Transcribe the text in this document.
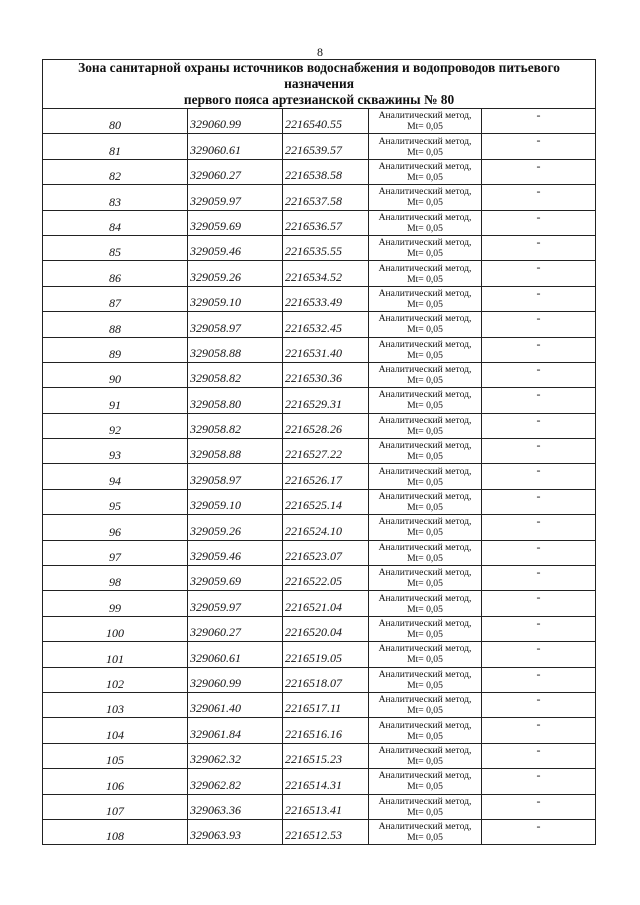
8
Зона санитарной охраны источников водоснабжения и водопроводов питьевого назначения
первого пояса артезианской скважины № 80				

80	329060.99	2216540.55	Аналитический метод,
Mt= 0,05	-
81	329060.61	2216539.57	Аналитический метод,
Mt= 0,05	-
82	329060.27	2216538.58	Аналитический метод,
Mt= 0,05	-
83	329059.97	2216537.58	Аналитический метод,
Mt= 0,05	-
84	329059.69	2216536.57	Аналитический метод,
Mt= 0,05	-
85	329059.46	2216535.55	Аналитический метод,
Mt= 0,05	-
86	329059.26	2216534.52	Аналитический метод,
Mt= 0,05	-
87	329059.10	2216533.49	Аналитический метод,
Mt= 0,05	-
88	329058.97	2216532.45	Аналитический метод,
Mt= 0,05	-
89	329058.88	2216531.40	Аналитический метод,
Mt= 0,05	-
90	329058.82	2216530.36	Аналитический метод,
Mt= 0,05	-
91	329058.80	2216529.31	Аналитический метод,
Mt= 0,05	-
92	329058.82	2216528.26	Аналитический метод,
Mt= 0,05	-
93	329058.88	2216527.22	Аналитический метод,
Mt= 0,05	-
94	329058.97	2216526.17	Аналитический метод,
Mt= 0,05	-
95	329059.10	2216525.14	Аналитический метод,
Mt= 0,05	-
96	329059.26	2216524.10	Аналитический метод,
Mt= 0,05	-
97	329059.46	2216523.07	Аналитический метод,
Mt= 0,05	-
98	329059.69	2216522.05	Аналитический метод,
Mt= 0,05	-
99	329059.97	2216521.04	Аналитический метод,
Mt= 0,05	-
100	329060.27	2216520.04	Аналитический метод,
Mt= 0,05	-
101	329060.61	2216519.05	Аналитический метод,
Mt= 0,05	-
102	329060.99	2216518.07	Аналитический метод,
Mt= 0,05	-
103	329061.40	2216517.11	Аналитический метод,
Mt= 0,05	-
104	329061.84	2216516.16	Аналитический метод,
Mt= 0,05	-
105	329062.32	2216515.23	Аналитический метод,
Mt= 0,05	-
106	329062.82	2216514.31	Аналитический метод,
Mt= 0,05	-
107	329063.36	2216513.41	Аналитический метод,
Mt= 0,05	-
108	329063.93	2216512.53	Аналитический метод,
Mt= 0,05	-
